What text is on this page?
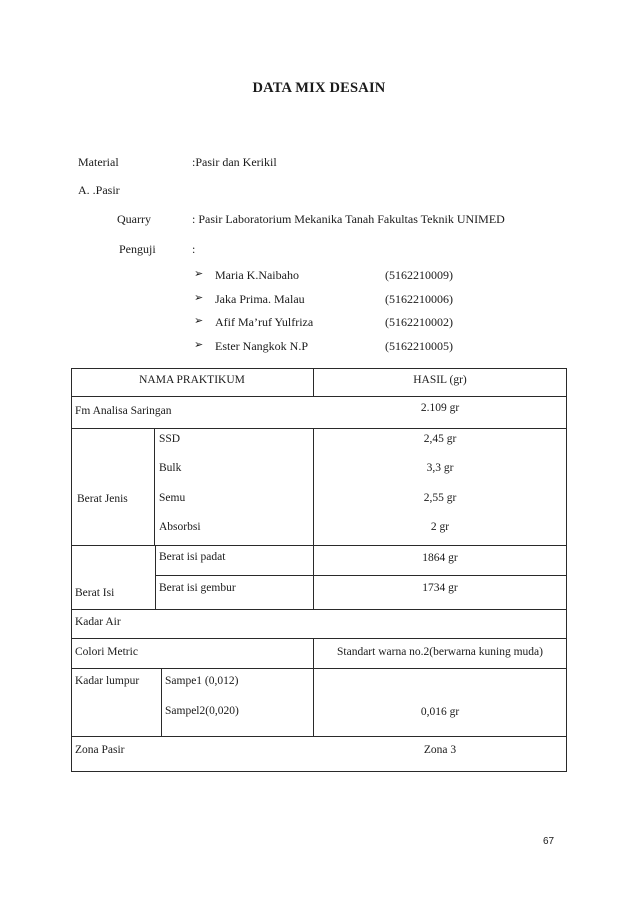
DATA MIX DESAIN
Material	:Pasir dan Kerikil
A. .Pasir
Quarry	: Pasir Laboratorium Mekanika Tanah Fakultas Teknik UNIMED
Penguji	:
➢ Maria K.Naibaho	(5162210009)
➢ Jaka Prima. Malau	(5162210006)
➢ Afif Ma’ruf Yulfriza	(5162210002)
➢ Ester Nangkok N.P	(5162210005)
NAMA PRAKTIKUM	HASIL (gr)
Fm Analisa Saringan	2.109 gr
Berat Jenis
SSD	2,45 gr
Bulk	3,3 gr
Semu	2,55 gr
Absorbsi	2 gr
Berat Isi
Berat isi padat	1864 gr
Berat isi gembur	1734 gr
Kadar Air
Colori Metric	Standart warna no.2(berwarna kuning muda)
Kadar lumpur Sampe1 (0,012)
Sampel2(0,020)	0,016 gr
Zona Pasir	Zona 3
67
